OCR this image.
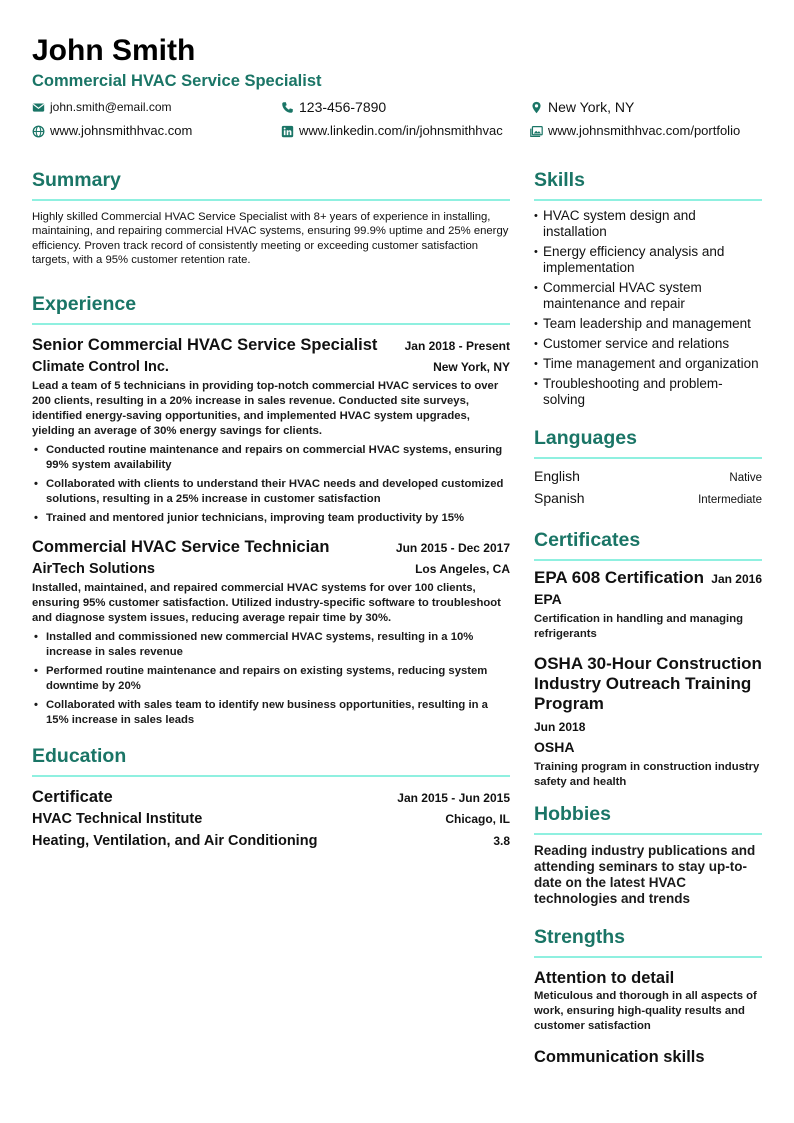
John Smith
Commercial HVAC Service Specialist
john.smith@email.com	123-456-7890	New York, NY
www.johnsmithhvac.com	www.linkedin.com/in/johnsmithhvac	www.johnsmithhvac.com/portfolio
Summary
Highly skilled Commercial HVAC Service Specialist with 8+ years of experience in installing, maintaining, and repairing commercial HVAC systems, ensuring 99.9% uptime and 25% energy efficiency. Proven track record of consistently meeting or exceeding customer satisfaction targets, with a 95% customer retention rate.
Experience
Senior Commercial HVAC Service Specialist Jan 2018 - Present
Climate Control Inc.	New York, NY
Lead a team of 5 technicians in providing top-notch commercial HVAC services to over 200 clients, resulting in a 20% increase in sales revenue. Conducted site surveys, identified energy-saving opportunities, and implemented HVAC system upgrades, yielding an average of 30% energy savings for clients.
• Conducted routine maintenance and repairs on commercial HVAC systems, ensuring 99% system availability
• Collaborated with clients to understand their HVAC needs and developed customized solutions, resulting in a 25% increase in customer satisfaction
• Trained and mentored junior technicians, improving team productivity by 15%
Commercial HVAC Service Technician	Jun 2015 - Dec 2017
AirTech Solutions	Los Angeles, CA
Installed, maintained, and repaired commercial HVAC systems for over 100 clients, ensuring 95% customer satisfaction. Utilized industry-specific software to troubleshoot and diagnose system issues, reducing average repair time by 30%.
• Installed and commissioned new commercial HVAC systems, resulting in a 10% increase in sales revenue
• Performed routine maintenance and repairs on existing systems, reducing system downtime by 20%
• Collaborated with sales team to identify new business opportunities, resulting in a 15% increase in sales leads
Education
Certificate	Jan 2015 - Jun 2015
HVAC Technical Institute	Chicago, IL
Heating, Ventilation, and Air Conditioning	3.8
Skills
• HVAC system design and installation
• Energy efficiency analysis and implementation
• Commercial HVAC system maintenance and repair
• Team leadership and management
• Customer service and relations
• Time management and organization
• Troubleshooting and problem-solving
Languages
English	Native
Spanish	Intermediate
Certificates
EPA 608 Certification Jan 2016
EPA
Certification in handling and managing refrigerants
OSHA 30-Hour Construction Industry Outreach Training Program
Jun 2018
OSHA
Training program in construction industry safety and health
Hobbies
Reading industry publications and attending seminars to stay up-to-date on the latest HVAC technologies and trends
Strengths
Attention to detail
Meticulous and thorough in all aspects of work, ensuring high-quality results and customer satisfaction
Communication skills
